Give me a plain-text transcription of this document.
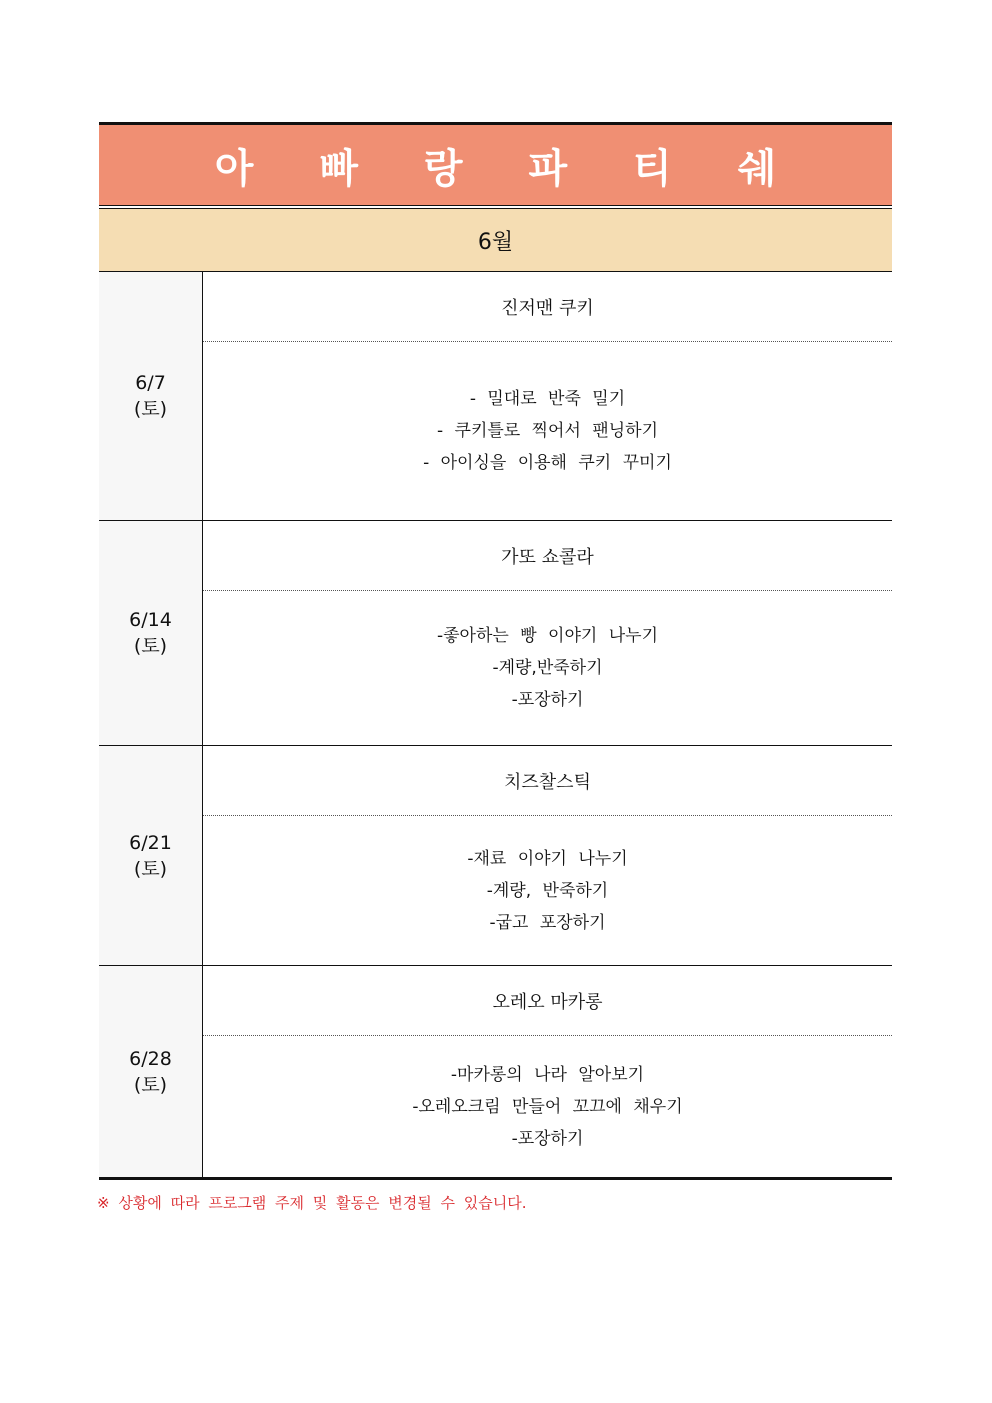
아 빠 랑 파 티 쉐
6월
6/7
(토)
진저맨 쿠키
- 밀대로 반죽 밀기
- 쿠키틀로 찍어서 팬닝하기
- 아이싱을 이용해 쿠키 꾸미기
6/14
(토)
가또 쇼콜라
-좋아하는 빵 이야기 나누기
-계량,반죽하기
-포장하기
6/21
(토)
치즈찰스틱
-재료 이야기 나누기
-계량, 반죽하기
-굽고 포장하기
6/28
(토)
오레오 마카롱
-마카롱의 나라 알아보기
-오레오크림 만들어 꼬끄에 채우기
-포장하기
※ 상황에 따라 프로그램 주제 및 활동은 변경될 수 있습니다.
